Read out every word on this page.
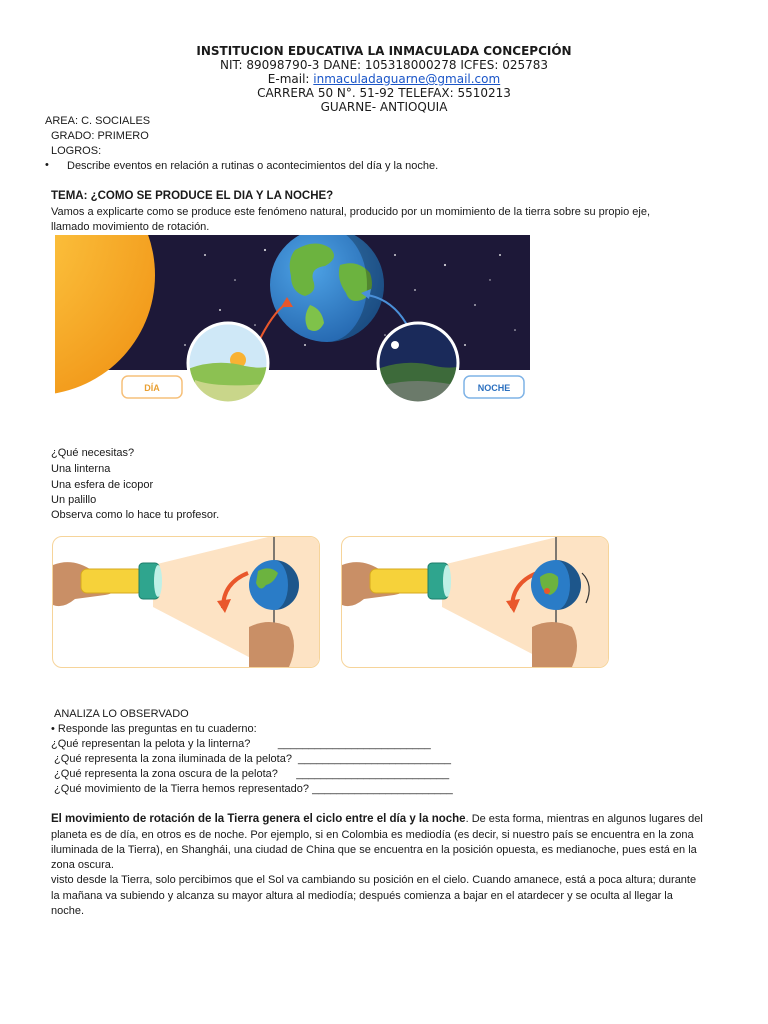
INSTITUCION EDUCATIVA LA INMACULADA CONCEPCIÓN
NIT: 89098790-3 DANE: 105318000278 ICFES: 025783
E-mail: inmaculadaguarne@gmail.com
CARRERA 50 N°. 51-92 TELEFAX: 5510213
GUARNE- ANTIOQUIA
AREA: C. SOCIALES
GRADO: PRIMERO
LOGROS:
• Describe eventos en relación a rutinas o acontecimientos del día y la noche.
TEMA: ¿COMO SE PRODUCE EL DIA Y LA NOCHE?
Vamos a explicarte como se produce este fenómeno natural, producido por un momimiento de la tierra sobre su propio eje,
llamado movimiento de rotación.
DÍA	NOCHE
¿Qué necesitas?
Una linterna
Una esfera de icopor
Un palillo
Observa como lo hace tu profesor.
ANALIZA LO OBSERVADO
• Responde las preguntas en tu cuaderno:
¿Qué representan la pelota y la linterna?         _________________________
¿Qué representa la zona iluminada de la pelota?  _________________________
¿Qué representa la zona oscura de la pelota?      _________________________
¿Qué movimiento de la Tierra hemos representado? _______________________
El movimiento de rotación de la Tierra genera el ciclo entre el día y la noche. De esta forma, mientras en algunos lugares del
planeta es de día, en otros es de noche. Por ejemplo, si en Colombia es mediodía (es decir, si nuestro país se encuentra en la zona
iluminada de la Tierra), en Shanghái, una ciudad de China que se encuentra en la posición opuesta, es medianoche, pues está en la
zona oscura.
visto desde la Tierra, solo percibimos que el Sol va cambiando su posición en el cielo. Cuando amanece, está a poca altura; durante
la mañana va subiendo y alcanza su mayor altura al mediodía; después comienza a bajar en el atardecer y se oculta al llegar la
noche.
